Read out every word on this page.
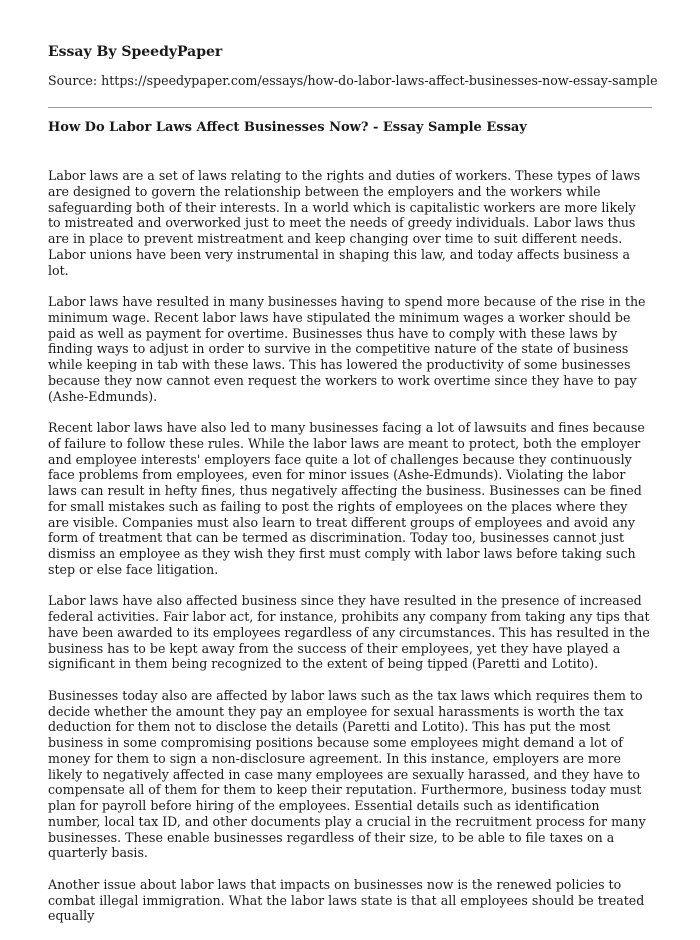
Essay By SpeedyPaper
Source: https://speedypaper.com/essays/how-do-labor-laws-affect-businesses-now-essay-sample
How Do Labor Laws Affect Businesses Now? - Essay Sample Essay

Labor laws are a set of laws relating to the rights and duties of workers. These types of laws are designed to govern the relationship between the employers and the workers while safeguarding both of their interests. In a world which is capitalistic workers are more likely to mistreated and overworked just to meet the needs of greedy individuals. Labor laws thus are in place to prevent mistreatment and keep changing over time to suit different needs. Labor unions have been very instrumental in shaping this law, and today affects business a lot.

Labor laws have resulted in many businesses having to spend more because of the rise in the minimum wage. Recent labor laws have stipulated the minimum wages a worker should be paid as well as payment for overtime. Businesses thus have to comply with these laws by finding ways to adjust in order to survive in the competitive nature of the state of business while keeping in tab with these laws. This has lowered the productivity of some businesses because they now cannot even request the workers to work overtime since they have to pay (Ashe-Edmunds).

Recent labor laws have also led to many businesses facing a lot of lawsuits and fines because of failure to follow these rules. While the labor laws are meant to protect, both the employer and employee interests' employers face quite a lot of challenges because they continuously face problems from employees, even for minor issues (Ashe-Edmunds). Violating the labor laws can result in hefty fines, thus negatively affecting the business. Businesses can be fined for small mistakes such as failing to post the rights of employees on the places where they are visible. Companies must also learn to treat different groups of employees and avoid any form of treatment that can be termed as discrimination. Today too, businesses cannot just dismiss an employee as they wish they first must comply with labor laws before taking such step or else face litigation.

Labor laws have also affected business since they have resulted in the presence of increased federal activities. Fair labor act, for instance, prohibits any company from taking any tips that have been awarded to its employees regardless of any circumstances. This has resulted in the business has to be kept away from the success of their employees, yet they have played a significant in them being recognized to the extent of being tipped (Paretti and Lotito).

Businesses today also are affected by labor laws such as the tax laws which requires them to decide whether the amount they pay an employee for sexual harassments is worth the tax deduction for them not to disclose the details (Paretti and Lotito). This has put the most business in some compromising positions because some employees might demand a lot of money for them to sign a non-disclosure agreement. In this instance, employers are more likely to negatively affected in case many employees are sexually harassed, and they have to compensate all of them for them to keep their reputation. Furthermore, business today must plan for payroll before hiring of the employees. Essential details such as identification number, local tax ID, and other documents play a crucial in the recruitment process for many businesses. These enable businesses regardless of their size, to be able to file taxes on a quarterly basis.

Another issue about labor laws that impacts on businesses now is the renewed policies to combat illegal immigration. What the labor laws state is that all employees should be treated equally
